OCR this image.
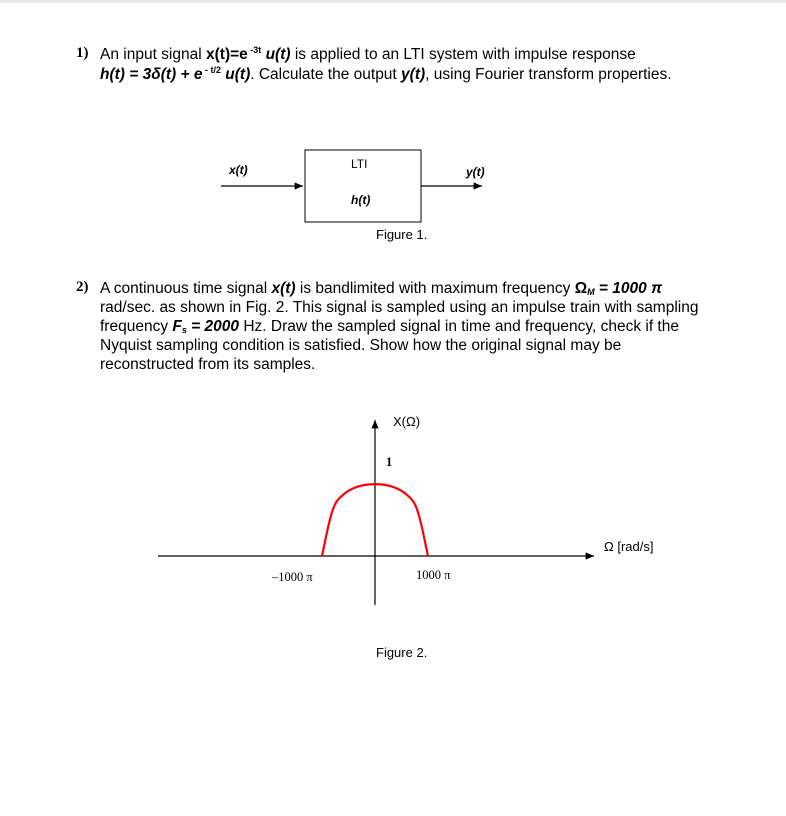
1) An input signal x(t)=e $^{-3t}$ u(t) is applied to an LTI system with impulse response
h(t) = 3δ(t) + e $^{- t/2}$ u(t). Calculate the output y(t), using Fourier transform properties.
x(t)	LTI
h(t)
y(t)
Figure 1.
2) A continuous time signal x(t) is bandlimited with maximum frequency $\Omega_M = 1000$ π
rad/sec. as shown in Fig. 2. This signal is sampled using an impulse train with sampling
frequency $F_s = 2000$ Hz. Draw the sampled signal in time and frequency, check if the
Nyquist sampling condition is satisfied. Show how the original signal may be
reconstructed from its samples.
X(Ω)
1
Ω [rad/s]
–1000 π	1000 π
Figure 2.
